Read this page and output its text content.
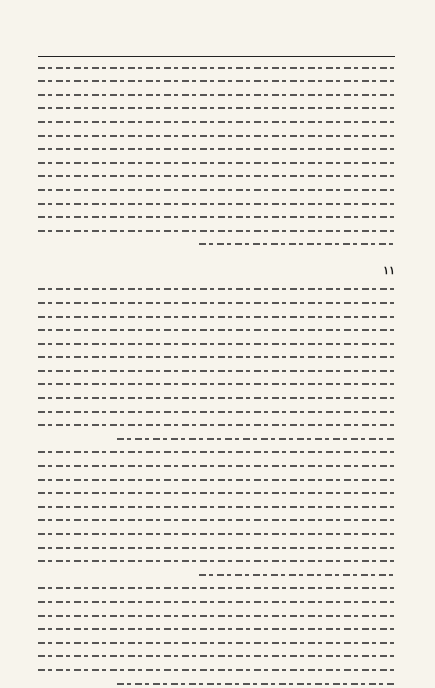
١١
